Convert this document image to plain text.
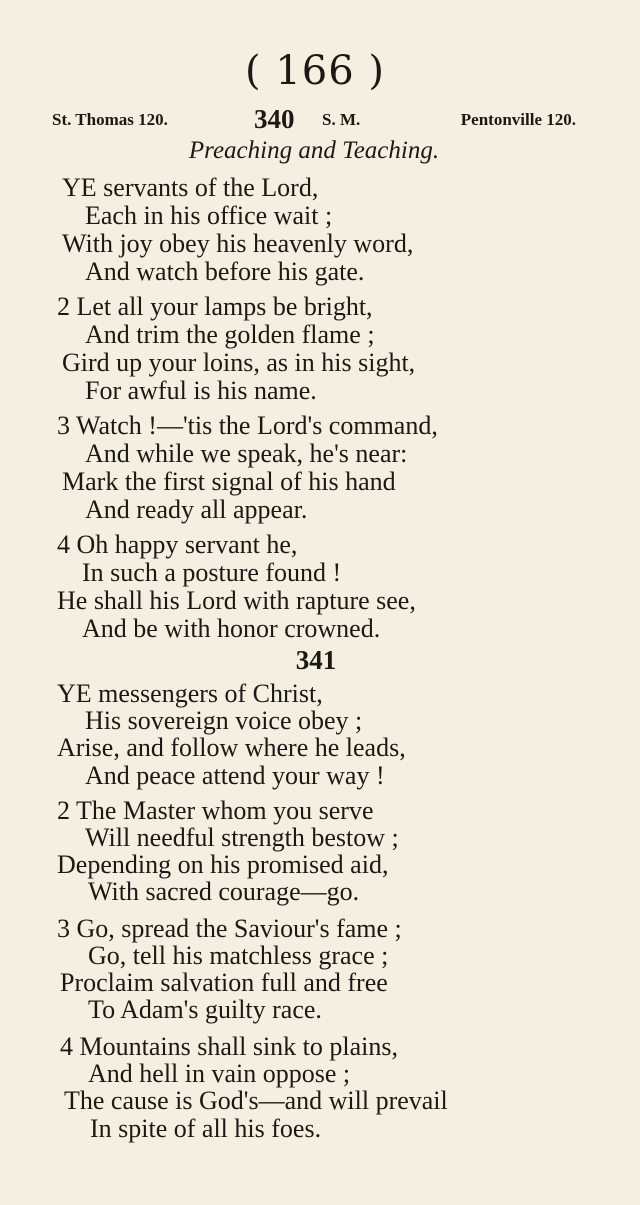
( 166 )
St. Thomas 120.	340 S. M.	Pentonville 120.
Preaching and Teaching.
YE servants of the Lord,
Each in his office wait ;
With joy obey his heavenly word,
And watch before his gate.
2 Let all your lamps be bright,
And trim the golden flame ;
Gird up your loins, as in his sight,
For awful is his name.
3 Watch !—'tis the Lord's command,
And while we speak, he's near:
Mark the first signal of his hand
And ready all appear.
4 Oh happy servant he,
In such a posture found !
He shall his Lord with rapture see,
And be with honor crowned.
341
YE messengers of Christ,
His sovereign voice obey ;
Arise, and follow where he leads,
And peace attend your way !
2 The Master whom you serve
Will needful strength bestow ;
Depending on his promised aid,
With sacred courage—go.
3 Go, spread the Saviour's fame ;
Go, tell his matchless grace ;
Proclaim salvation full and free
To Adam's guilty race.
4 Mountains shall sink to plains,
And hell in vain oppose ;
The cause is God's—and will prevail
In spite of all his foes.
